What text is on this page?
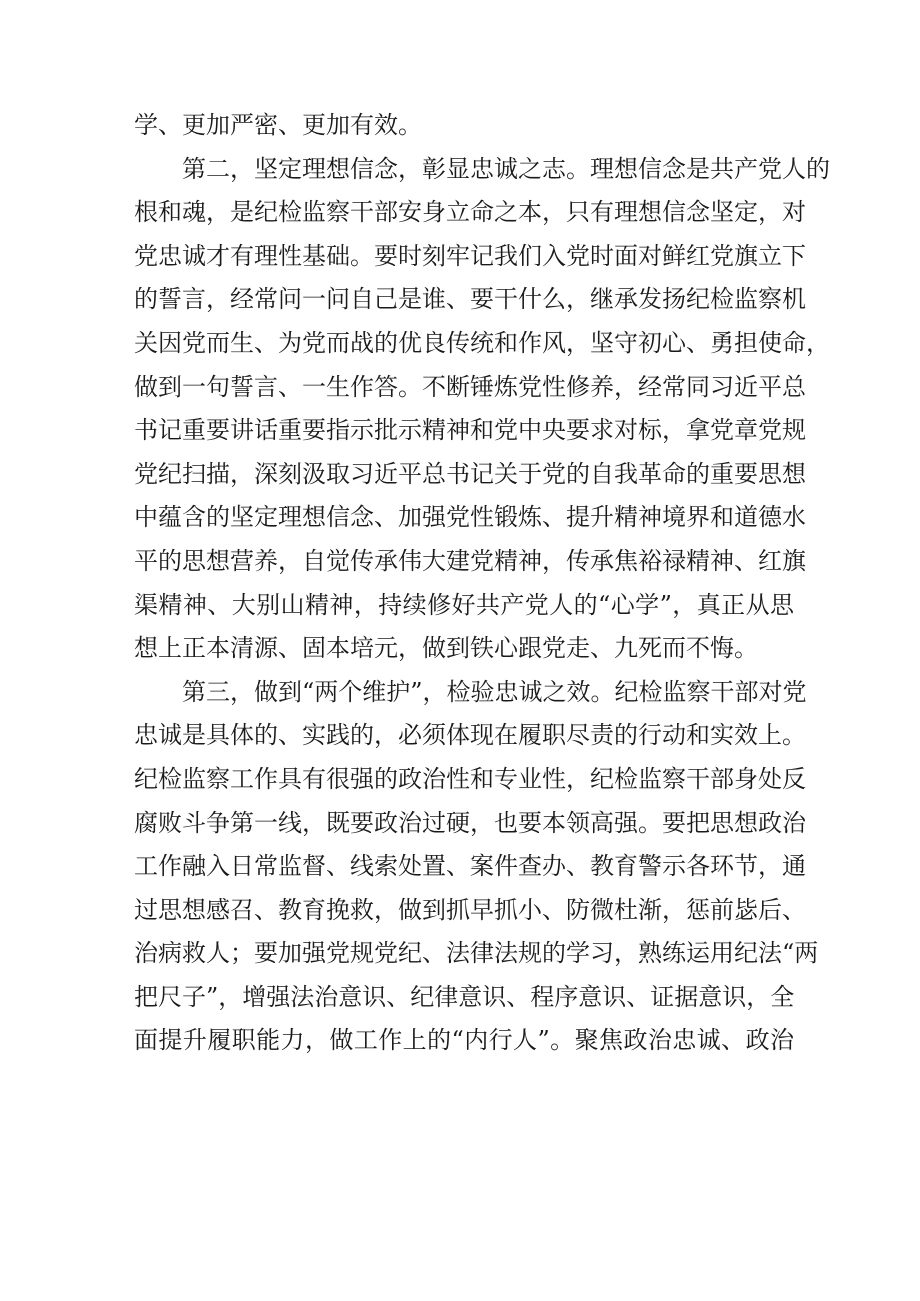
学、更加严密、更加有效。
第二，坚定理想信念，彰显忠诚之志。理想信念是共产党人的
根和魂，是纪检监察干部安身立命之本，只有理想信念坚定，对
党忠诚才有理性基础。要时刻牢记我们入党时面对鲜红党旗立下
的誓言，经常问一问自己是谁、要干什么，继承发扬纪检监察机
关因党而生、为党而战的优良传统和作风，坚守初心、勇担使命，
做到一句誓言、一生作答。不断锤炼党性修养，经常同习近平总
书记重要讲话重要指示批示精神和党中央要求对标，拿党章党规
党纪扫描，深刻汲取习近平总书记关于党的自我革命的重要思想
中蕴含的坚定理想信念、加强党性锻炼、提升精神境界和道德水
平的思想营养，自觉传承伟大建党精神，传承焦裕禄精神、红旗
渠精神、大别山精神，持续修好共产党人的“心学”，真正从思
想上正本清源、固本培元，做到铁心跟党走、九死而不悔。
第三，做到“两个维护”，检验忠诚之效。纪检监察干部对党
忠诚是具体的、实践的，必须体现在履职尽责的行动和实效上。
纪检监察工作具有很强的政治性和专业性，纪检监察干部身处反
腐败斗争第一线，既要政治过硬，也要本领高强。要把思想政治
工作融入日常监督、线索处置、案件查办、教育警示各环节，通
过思想感召、教育挽救，做到抓早抓小、防微杜渐，惩前毖后、
治病救人；要加强党规党纪、法律法规的学习，熟练运用纪法“两
把尺子”，增强法治意识、纪律意识、程序意识、证据意识，全
面提升履职能力，做工作上的“内行人”。聚焦政治忠诚、政治
